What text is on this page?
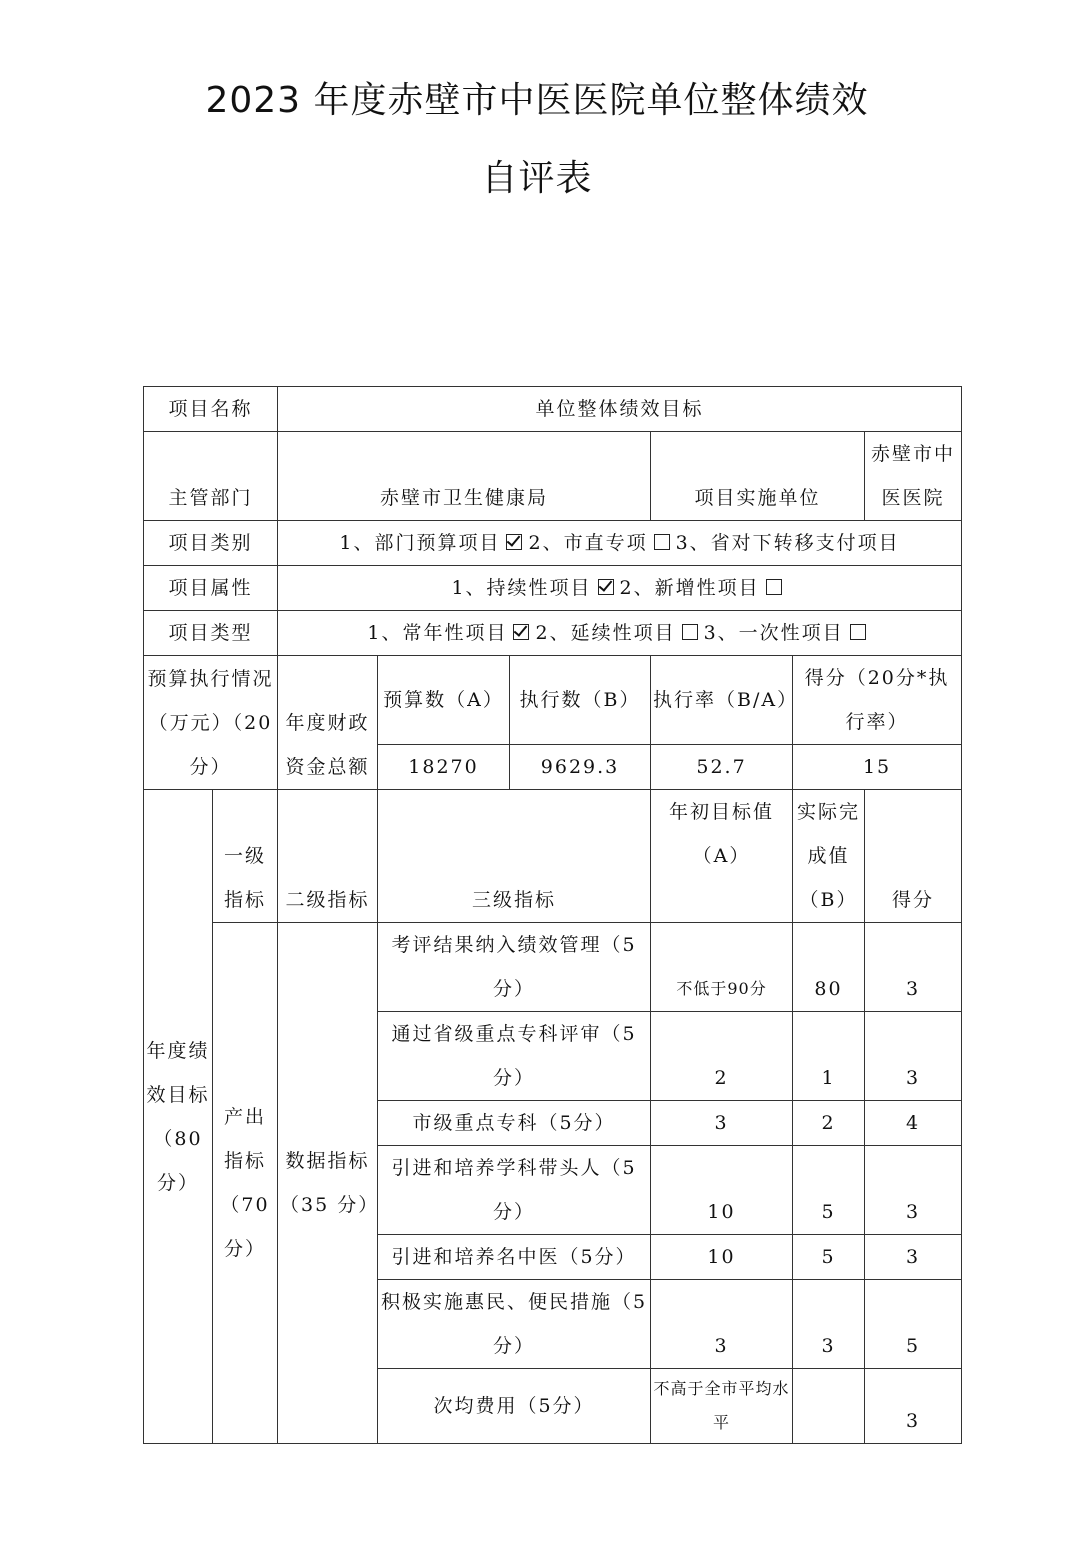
2023 年度赤壁市中医医院单位整体绩效
自评表
项目名称		单位整体绩效目标					
主管部门		赤壁市卫生健康局			项目实施单位		赤壁市中医医院
项目类别		1、部门预算项目 2、市直专项 3、省对下转移支付项目					
项目属性		1、持续性项目 2、新增性项目					
项目类型		1、常年性项目 2、延续性项目 3、一次性项目					
预算执行情况（万元）（20 分）		年度财政资金总额	预算数（A）	执行数（B）	执行率（B/A）	得分（20分*执行率）	
			18270	9629.3	52.7	15	
年度绩效目标（80分）	一级指标	二级指标	三级指标		年初目标值（A）	实际完成值（B）	得分
	产出指标（70分）	数据指标（35 分）	考评结果纳入绩效管理（5分）		不低于90分	80	3
			通过省级重点专科评审（5分）		2	1	3
			市级重点专科（5分）		3	2	4
			引进和培养学科带头人（5分）		10	5	3
			引进和培养名中医（5分）		10	5	3
			积极实施惠民、便民措施（5分）		3	3	5
			次均费用（5分）		不高于全市平均水平		3
